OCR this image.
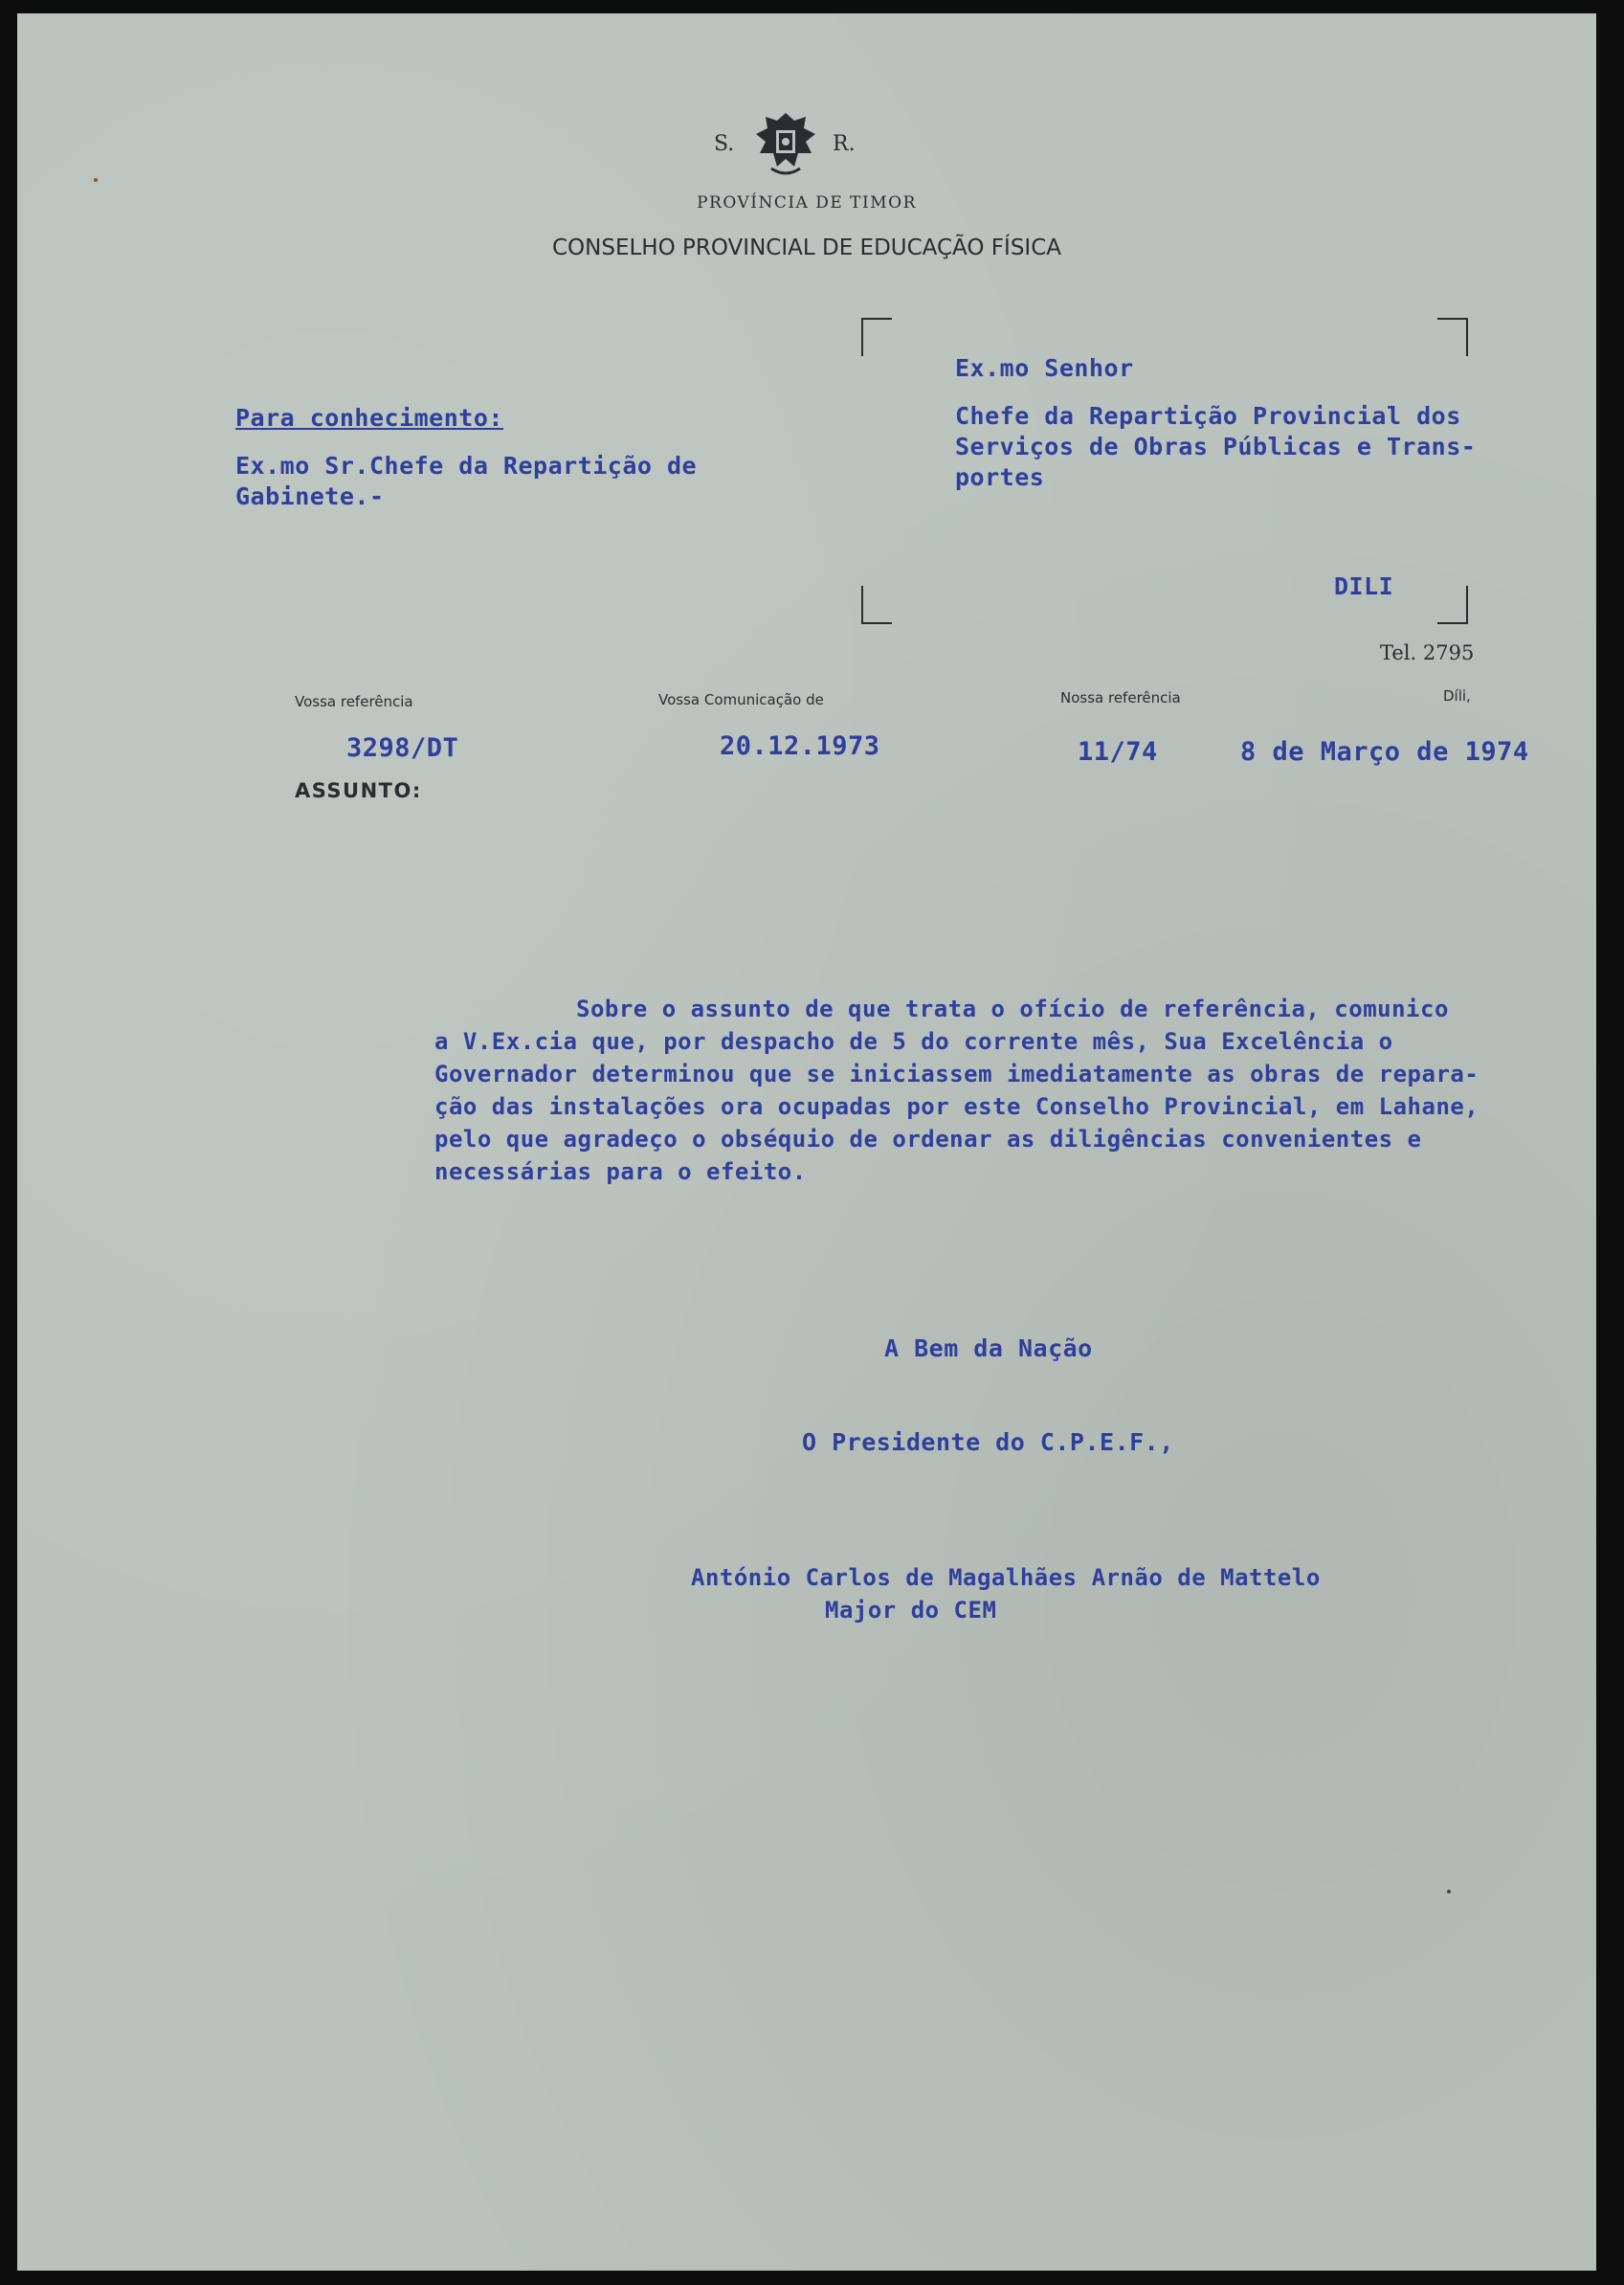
S.	R.
PROVÍNCIA DE TIMOR
CONSELHO PROVINCIAL DE EDUCAÇÃO FÍSICA
Para conhecimento:
Ex.mo Sr.Chefe da Repartição de
Gabinete.-
Ex.mo Senhor
Chefe da Repartição Provincial dos
Serviços de Obras Públicas e Trans-
portes
DILI
Tel. 2795
Vossa referência	Vossa Comunicação de	Nossa referência	Díli,
3298/DT	20.12.1973	11/74	8 de Março de 1974
ASSUNTO:
Sobre o assunto de que trata o ofício de referência, comunico
a V.Ex.cia que, por despacho de 5 do corrente mês, Sua Excelência o
Governador determinou que se iniciassem imediatamente as obras de repara-
ção das instalações ora ocupadas por este Conselho Provincial, em Lahane,
pelo que agradeço o obséquio de ordenar as diligências convenientes e
necessárias para o efeito.
A Bem da Nação
O Presidente do C.P.E.F.,
António Carlos de Magalhães Arnão de Mattelo
Major do CEM
